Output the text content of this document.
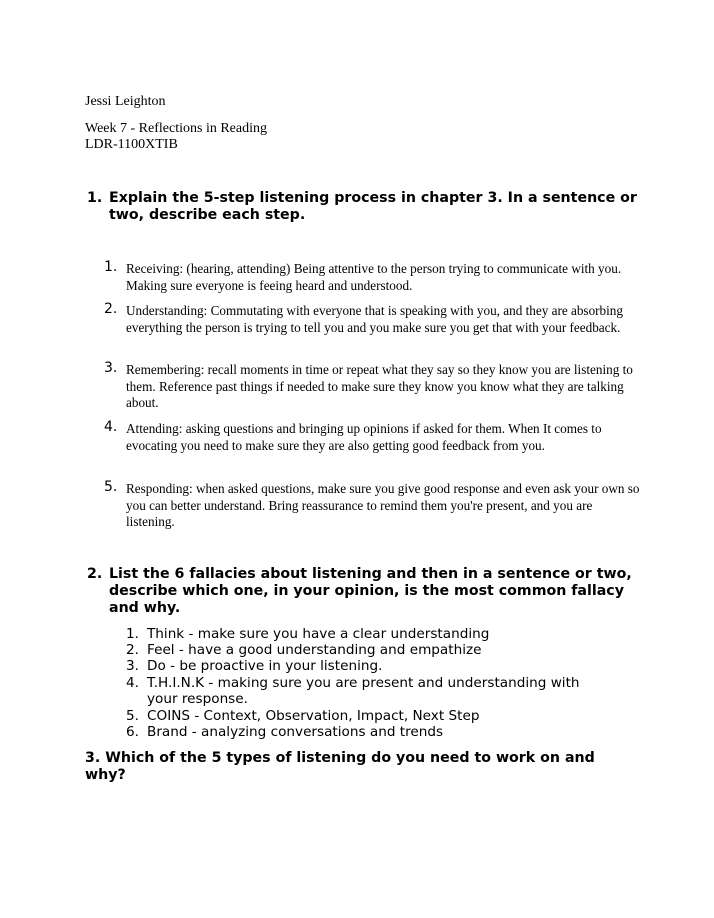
Jessi Leighton
Week 7 - Reflections in Reading
LDR-1100XTIB
1. Explain the 5-step listening process in chapter 3. In a sentence or two, describe each step.
1. Receiving: (hearing, attending) Being attentive to the person trying to communicate with you. Making sure everyone is feeing heard and understood.
2. Understanding: Commutating with everyone that is speaking with you, and they are absorbing everything the person is trying to tell you and you make sure you get that with your feedback.
3. Remembering: recall moments in time or repeat what they say so they know you are listening to them. Reference past things if needed to make sure they know you know what they are talking about.
4. Attending: asking questions and bringing up opinions if asked for them. When It comes to evocating you need to make sure they are also getting good feedback from you.
5. Responding: when asked questions, make sure you give good response and even ask your own so you can better understand. Bring reassurance to remind them you're present, and you are listening.
2. List the 6 fallacies about listening and then in a sentence or two, describe which one, in your opinion, is the most common fallacy and why.
1. Think - make sure you have a clear understanding
2. Feel - have a good understanding and empathize
3. Do - be proactive in your listening.
4. T.H.I.N.K - making sure you are present and understanding with your response.
5. COINS - Context, Observation, Impact, Next Step
6. Brand - analyzing conversations and trends
3. Which of the 5 types of listening do you need to work on and why?
